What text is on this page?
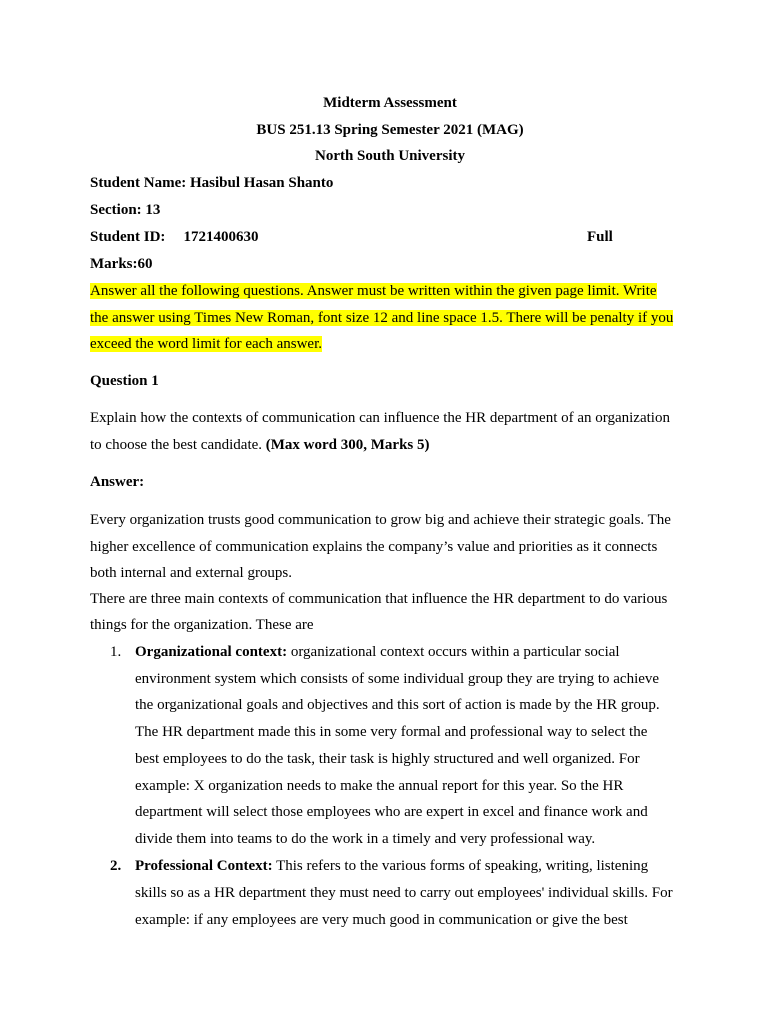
Midterm Assessment
BUS 251.13 Spring Semester 2021 (MAG)
North South University
Student Name: Hasibul Hasan Shanto
Section: 13
Student ID: 1721400630	Full
Marks:60
Answer all the following questions. Answer must be written within the given page limit. Write
the answer using Times New Roman, font size 12 and line space 1.5. There will be penalty if you
exceed the word limit for each answer.
Question 1
Explain how the contexts of communication can influence the HR department of an organization
to choose the best candidate. (Max word 300, Marks 5)
Answer:
Every organization trusts good communication to grow big and achieve their strategic goals. The
higher excellence of communication explains the company’s value and priorities as it connects
both internal and external groups.
There are three main contexts of communication that influence the HR department to do various
things for the organization. These are
1. Organizational context: organizational context occurs within a particular social
environment system which consists of some individual group they are trying to achieve
the organizational goals and objectives and this sort of action is made by the HR group.
The HR department made this in some very formal and professional way to select the
best employees to do the task, their task is highly structured and well organized. For
example: X organization needs to make the annual report for this year. So the HR
department will select those employees who are expert in excel and finance work and
divide them into teams to do the work in a timely and very professional way.
2. Professional Context: This refers to the various forms of speaking, writing, listening
skills so as a HR department they must need to carry out employees' individual skills. For
example: if any employees are very much good in communication or give the best
